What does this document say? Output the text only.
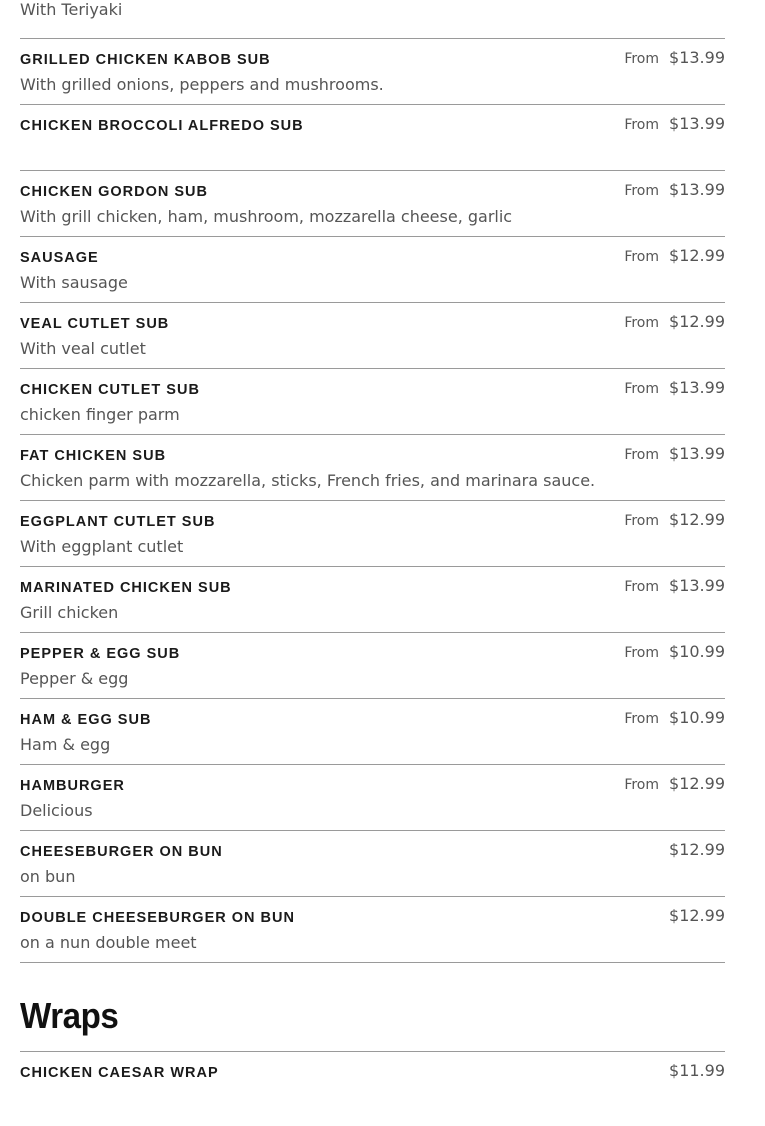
With Teriyaki
GRILLED CHICKEN KABOB SUB
With grilled onions, peppers and mushrooms.
From $13.99
CHICKEN BROCCOLI ALFREDO SUB	From $13.99
CHICKEN GORDON SUB
With grill chicken, ham, mushroom, mozzarella cheese, garlic
From $13.99
SAUSAGE
With sausage
From $12.99
VEAL CUTLET SUB
With veal cutlet
From $12.99
CHICKEN CUTLET SUB
chicken finger parm
From $13.99
FAT CHICKEN SUB
Chicken parm with mozzarella, sticks, French fries, and marinara sauce.
From $13.99
EGGPLANT CUTLET SUB
With eggplant cutlet
From $12.99
MARINATED CHICKEN SUB
Grill chicken
From $13.99
PEPPER & EGG SUB
Pepper & egg
From $10.99
HAM & EGG SUB
Ham & egg
From $10.99
HAMBURGER
Delicious
From $12.99
CHEESEBURGER ON BUN
on bun
$12.99
DOUBLE CHEESEBURGER ON BUN
on a nun double meet
$12.99
Wraps
CHICKEN CAESAR WRAP	$11.99
